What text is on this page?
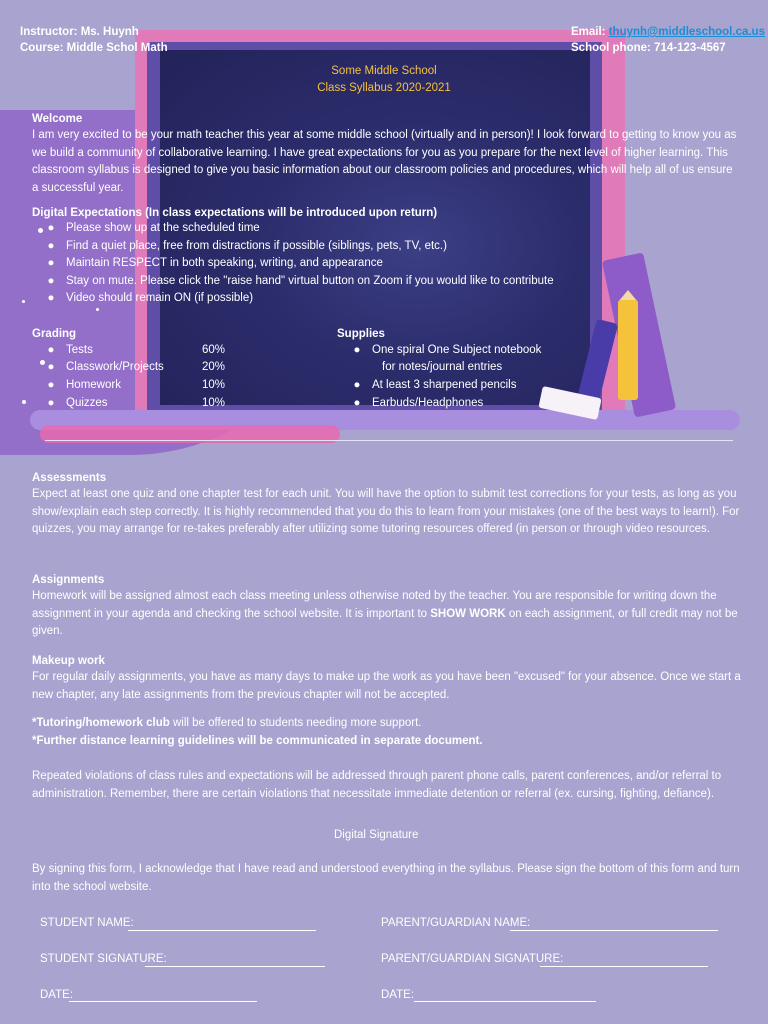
Instructor: Ms. Huynh
Course: Middle Schol Math
Email: thuynh@middleschool.ca.us
School phone: 714-123-4567
Some Middle School
Class Syllabus 2020-2021
Welcome
I am very excited to be your math teacher this year at some middle school (virtually and in person)! I look forward to getting to know you as we build a community of collaborative learning. I have great expectations for you as you prepare for the next level of higher learning. This classroom syllabus is designed to give you basic information about our classroom policies and procedures, which will help all of us ensure a successful year.
Digital Expectations (In class expectations will be introduced upon return)
● Please show up at the scheduled time
● Find a quiet place, free from distractions if possible (siblings, pets, TV, etc.)
● Maintain RESPECT in both speaking, writing, and appearance
● Stay on mute. Please click the "raise hand" virtual button on Zoom if you would like to contribute
● Video should remain ON (if possible)
Grading
● Tests	60%
● Classwork/Projects	20%
● Homework	10%
● Quizzes	10%
Supplies
● One spiral One Subject notebook
for notes/journal entries
● At least 3 sharpened pencils
● Earbuds/Headphones
Assessments
Expect at least one quiz and one chapter test for each unit. You will have the option to submit test corrections for your tests, as long as you show/explain each step correctly. It is highly recommended that you do this to learn from your mistakes (one of the best ways to learn!). For quizzes, you may arrange for re-takes preferably after utilizing some tutoring resources offered (in person or through video resources.
Assignments
Homework will be assigned almost each class meeting unless otherwise noted by the teacher. You are responsible for writing down the assignment in your agenda and checking the school website. It is important to SHOW WORK on each assignment, or full credit may not be given.
Makeup work
For regular daily assignments, you have as many days to make up the work as you have been "excused" for your absence. Once we start a new chapter, any late assignments from the previous chapter will not be accepted.
*Tutoring/homework club will be offered to students needing more support.
*Further distance learning guidelines will be communicated in separate document.
Repeated violations of class rules and expectations will be addressed through parent phone calls, parent conferences, and/or referral to administration. Remember, there are certain violations that necessitate immediate detention or referral (ex. cursing, fighting, defiance).
Digital Signature
By signing this form, I acknowledge that I have read and understood everything in the syllabus. Please sign the bottom of this form and turn into the school website.
STUDENT NAME:	PARENT/GUARDIAN NAME:
STUDENT SIGNATURE:	PARENT/GUARDIAN SIGNATURE:
DATE:	DATE:
